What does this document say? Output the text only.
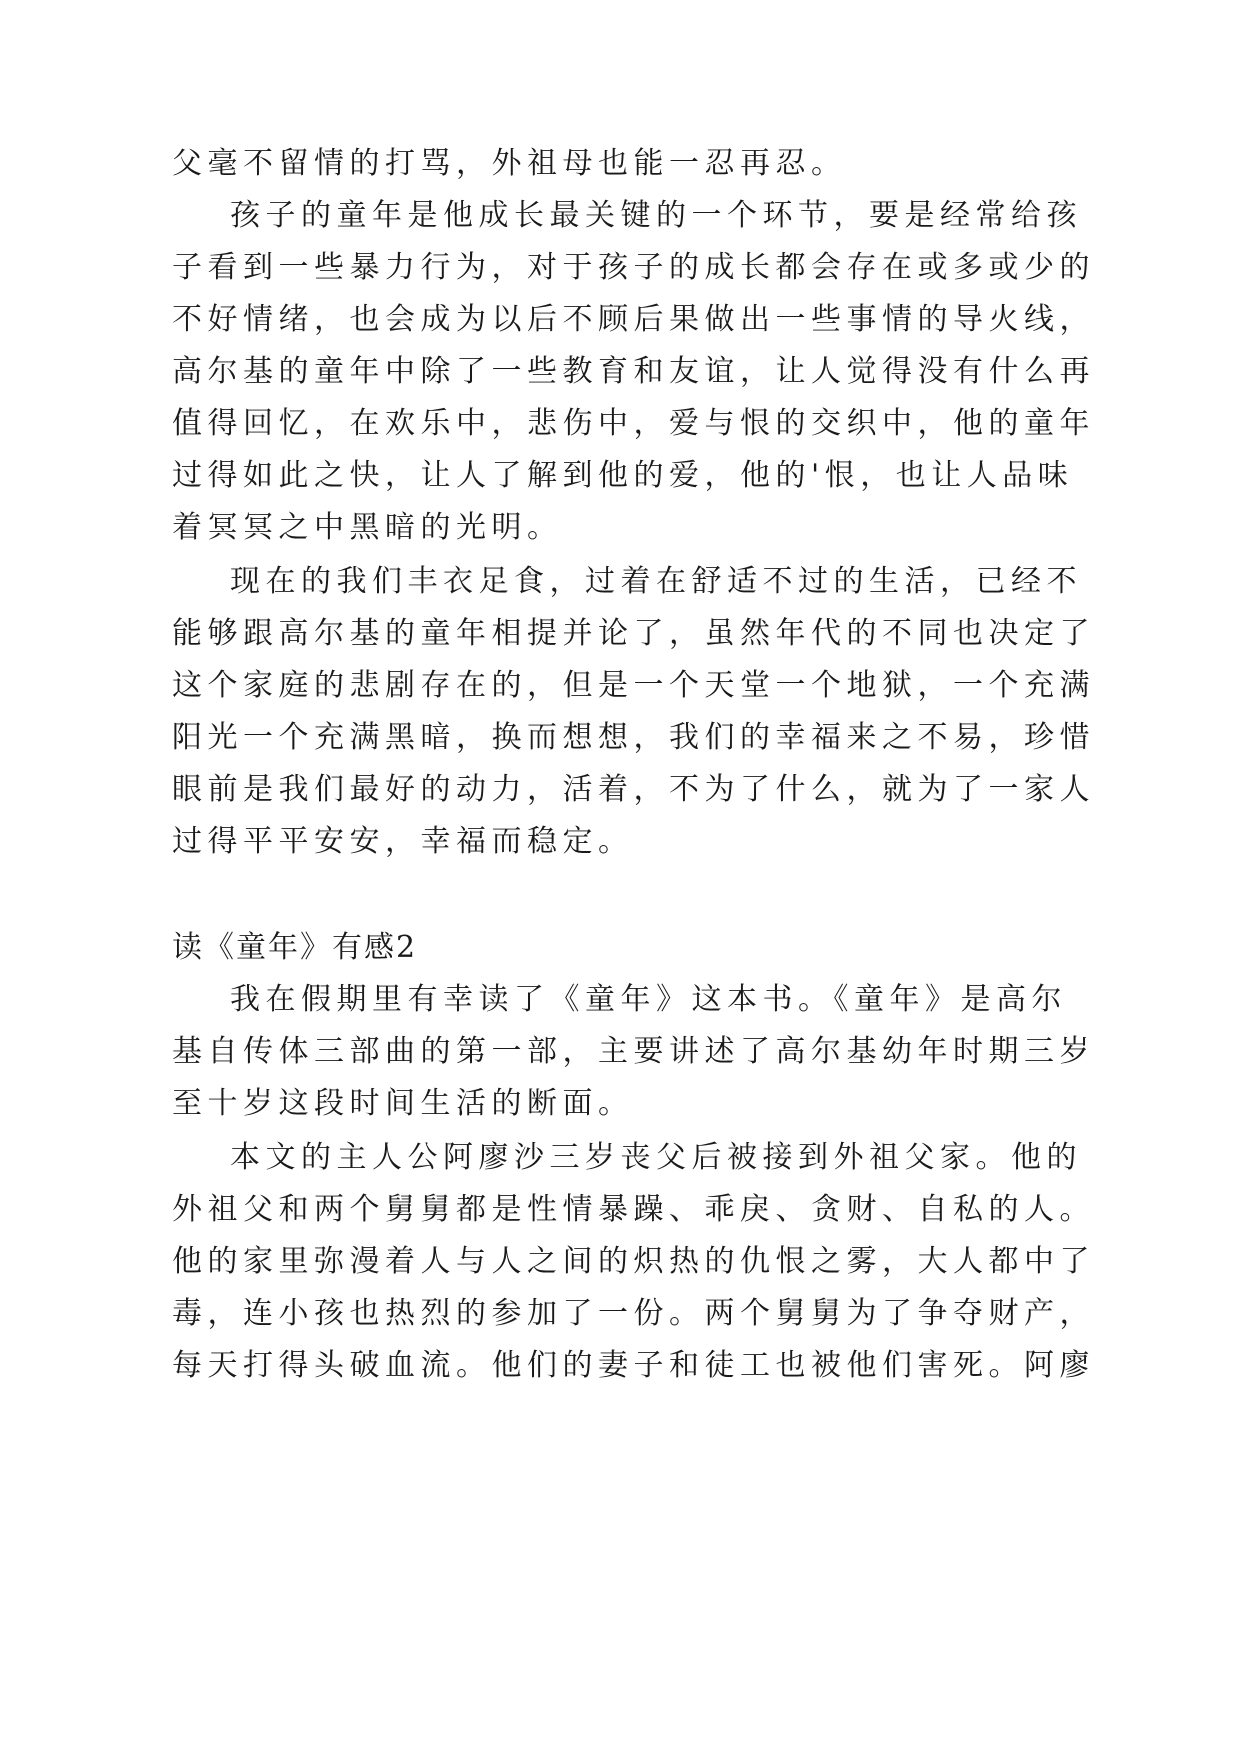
父毫不留情的打骂，外祖母也能一忍再忍。
孩子的童年是他成长最关键的一个环节，要是经常给孩
子看到一些暴力行为，对于孩子的成长都会存在或多或少的
不好情绪，也会成为以后不顾后果做出一些事情的导火线，
高尔基的童年中除了一些教育和友谊，让人觉得没有什么再
值得回忆，在欢乐中，悲伤中，爱与恨的交织中，他的童年
过得如此之快，让人了解到他的爱，他的'恨，也让人品味
着冥冥之中黑暗的光明。
现在的我们丰衣足食，过着在舒适不过的生活，已经不
能够跟高尔基的童年相提并论了，虽然年代的不同也决定了
这个家庭的悲剧存在的，但是一个天堂一个地狱，一个充满
阳光一个充满黑暗，换而想想，我们的幸福来之不易，珍惜
眼前是我们最好的动力，活着，不为了什么，就为了一家人
过得平平安安，幸福而稳定。
读《童年》有感2
我在假期里有幸读了《童年》这本书。《童年》是高尔
基自传体三部曲的第一部，主要讲述了高尔基幼年时期三岁
至十岁这段时间生活的断面。
本文的主人公阿廖沙三岁丧父后被接到外祖父家。他的
外祖父和两个舅舅都是性情暴躁、乖戾、贪财、自私的人。
他的家里弥漫着人与人之间的炽热的仇恨之雾，大人都中了
毒，连小孩也热烈的参加了一份。两个舅舅为了争夺财产，
每天打得头破血流。他们的妻子和徒工也被他们害死。阿廖
